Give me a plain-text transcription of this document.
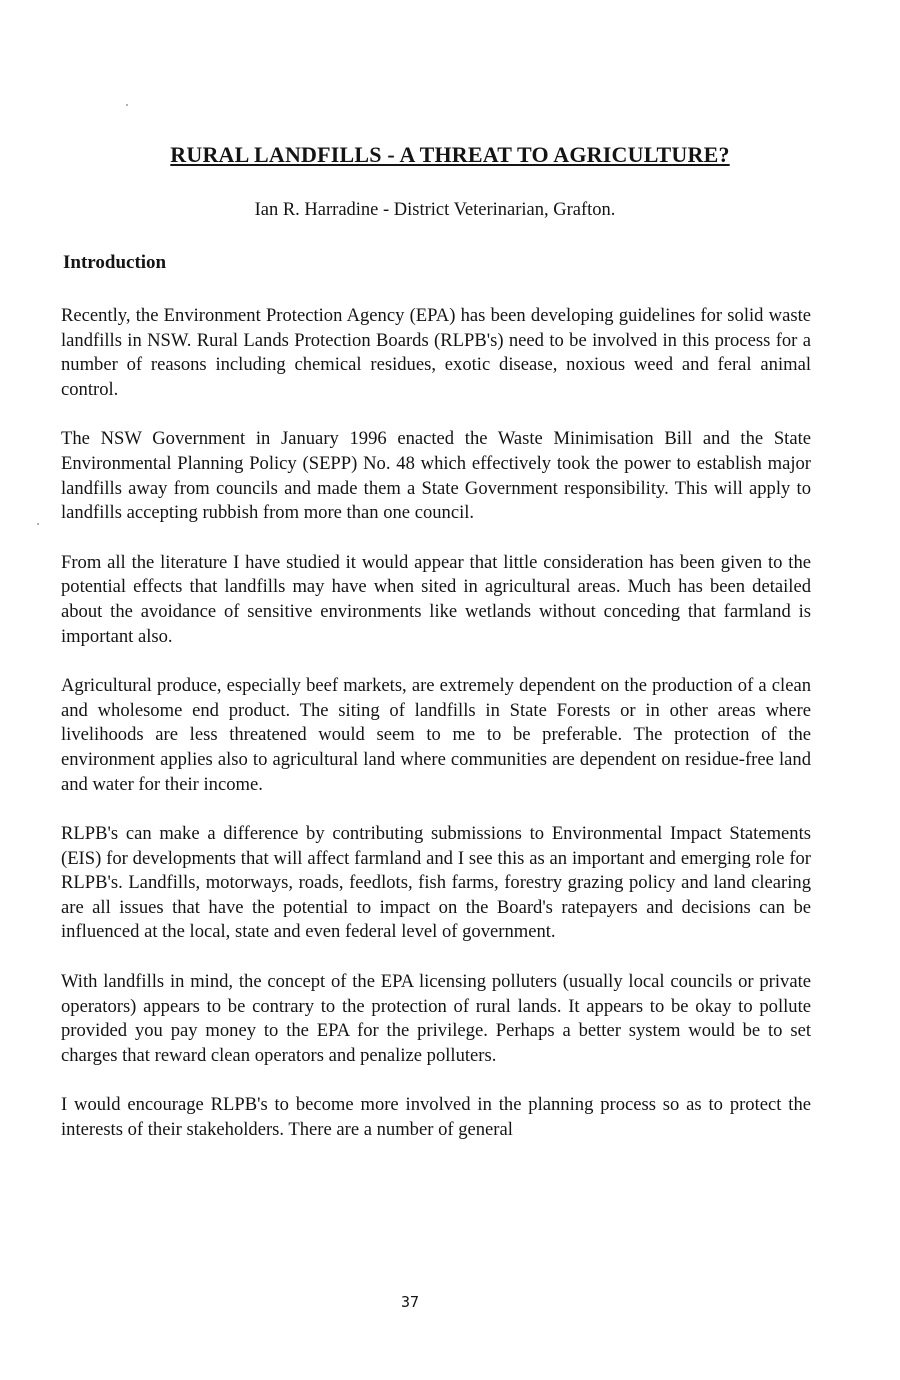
RURAL LANDFILLS - A THREAT TO AGRICULTURE?

Ian R. Harradine - District Veterinarian, Grafton.

Introduction

Recently, the Environment Protection Agency (EPA) has been developing guidelines for solid waste landfills in NSW. Rural Lands Protection Boards (RLPB's) need to be involved in this process for a number of reasons including chemical residues, exotic disease, noxious weed and feral animal control.

The NSW Government in January 1996 enacted the Waste Minimisation Bill and the State Environmental Planning Policy (SEPP) No. 48 which effectively took the power to establish major landfills away from councils and made them a State Government responsibility. This will apply to landfills accepting rubbish from more than one council.

From all the literature I have studied it would appear that little consideration has been given to the potential effects that landfills may have when sited in agricultural areas. Much has been detailed about the avoidance of sensitive environments like wetlands without conceding that farmland is important also.

Agricultural produce, especially beef markets, are extremely dependent on the production of a clean and wholesome end product. The siting of landfills in State Forests or in other areas where livelihoods are less threatened would seem to me to be preferable. The protection of the environment applies also to agricultural land where communities are dependent on residue-free land and water for their income.

RLPB's can make a difference by contributing submissions to Environmental Impact Statements (EIS) for developments that will affect farmland and I see this as an important and emerging role for RLPB's. Landfills, motorways, roads, feedlots, fish farms, forestry grazing policy and land clearing are all issues that have the potential to impact on the Board's ratepayers and decisions can be influenced at the local, state and even federal level of government.

With landfills in mind, the concept of the EPA licensing polluters (usually local councils or private operators) appears to be contrary to the protection of rural lands. It appears to be okay to pollute provided you pay money to the EPA for the privilege. Perhaps a better system would be to set charges that reward clean operators and penalize polluters.

I would encourage RLPB's to become more involved in the planning process so as to protect the interests of their stakeholders. There are a number of general

37
